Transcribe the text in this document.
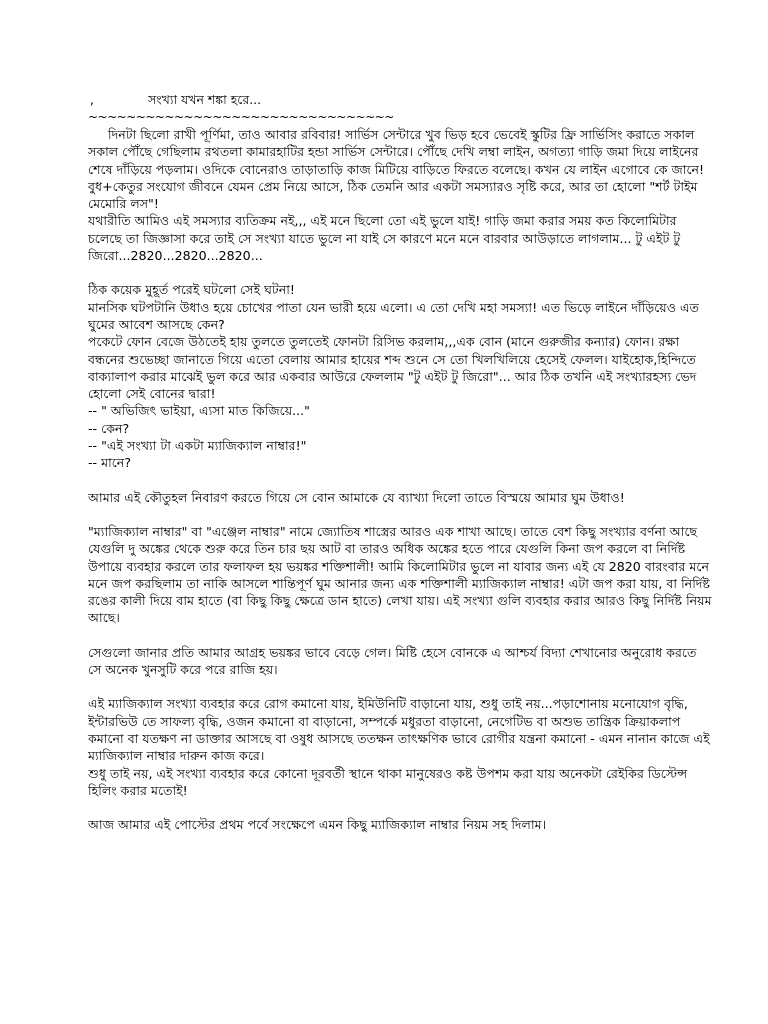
,	সংখ্যা যখন শঙ্কা হরে...
~~~~~~~~~~~~~~~~~~~~~~~~~~~~~~~~

দিনটা ছিলো রাখী পূর্ণিমা, তাও আবার রবিবার! সার্ভিস সেন্টারে খুব ভিড় হবে ভেবেই স্কুটির ফ্রি সার্ভিসিং করাতে সকাল সকাল পৌঁছে গেছিলাম রথতলা কামারহাটির হন্ডা সার্ভিস সেন্টারে। পৌঁছে দেখি লম্বা লাইন, অগত্যা গাড়ি জমা দিয়ে লাইনের শেষে দাঁড়িয়ে পড়লাম। ওদিকে বোনেরাও তাড়াতাড়ি কাজ মিটিয়ে বাড়িতে ফিরতে বলেছে। কখন যে লাইন এগোবে কে জানে!

বুধ+কেতুর সংযোগ জীবনে যেমন প্রেম নিয়ে আসে, ঠিক তেমনি আর একটা সমস্যারও সৃষ্টি করে, আর তা হোলো "শর্ট টাইম মেমোরি লস"!

যথারীতি আমিও এই সমস্যার ব্যতিক্রম নই,,, এই মনে ছিলো তো এই ভুলে যাই! গাড়ি জমা করার সময় কত কিলোমিটার চলেছে তা জিজ্ঞাসা করে তাই সে সংখ্যা যাতে ভুলে না যাই সে কারণে মনে মনে বারবার আউড়াতে লাগলাম... টু এইট টু জিরো...2820...2820...2820...

ঠিক কয়েক মুহূর্ত পরেই ঘটলো সেই ঘটনা!

মানসিক ঘটপটানি উধাও হয়ে চোখের পাতা যেন ভারী হয়ে এলো। এ তো দেখি মহা সমস্যা! এত ভিড়ে লাইনে দাঁড়িয়েও এত ঘুমের আবেশ আসছে কেন?

পকেটে ফোন বেজে উঠতেই হায় তুলতে তুলতেই ফোনটা রিসিভ করলাম,,,এক বোন (মানে গুরুজীর কন্যার) ফোন। রক্ষা বন্ধনের শুভেচ্ছা জানাতে গিয়ে এতো বেলায় আমার হায়ের শব্দ শুনে সে তো খিলখিলিয়ে হেসেই ফেলল। যাইহোক,হিন্দিতে বাক্যালাপ করার মাঝেই ভুল করে আর একবার আউরে ফেললাম "টু এইট টু জিরো"... আর ঠিক তখনি এই সংখ্যারহস্য ভেদ হোলো সেই বোনের দ্বারা!

-- " অভিজিৎ ভাইয়া, এ্যসা মাত কিজিয়ে..."

-- কেন?

-- "এই সংখ্যা টা একটা ম্যাজিক্যাল নাম্বার!"

-- মানে?

আমার এই কৌতুহল নিবারণ করতে গিয়ে সে বোন আমাকে যে ব্যাখ্যা দিলো তাতে বিস্ময়ে আমার ঘুম উধাও!

"ম্যাজিক্যাল নাম্বার" বা "এঞ্জেল নাম্বার" নামে জ্যোতিষ শাস্ত্রের আরও এক শাখা আছে। তাতে বেশ কিছু সংখ্যার বর্ণনা আছে যেগুলি দু অঙ্কের থেকে শুরু করে তিন চার ছয় আট বা তারও অধিক অঙ্কের হতে পারে যেগুলি কিনা জপ করলে বা নির্দিষ্ট উপায়ে ব্যবহার করলে তার ফলাফল হয় ভয়ঙ্কর শক্তিশালী! আমি কিলোমিটার ভুলে না যাবার জন্য এই যে 2820 বারংবার মনে মনে জপ করছিলাম তা নাকি আসলে শান্তিপূর্ণ ঘুম আনার জন্য এক শক্তিশালী ম্যাজিক্যাল নাম্বার! এটা জপ করা যায়, বা নির্দিষ্ট রঙের কালী দিয়ে বাম হাতে (বা কিছু কিছু ক্ষেত্রে ডান হাতে) লেখা যায়। এই সংখ্যা গুলি ব্যবহার করার আরও কিছু নির্দিষ্ট নিয়ম আছে।

সেগুলো জানার প্রতি আমার আগ্রহ ভয়ঙ্কর ভাবে বেড়ে গেল। মিষ্টি হেসে বোনকে এ আশ্চর্য বিদ্যা শেখানোর অনুরোধ করতে সে অনেক খুনসুটি করে পরে রাজি হয়।

এই ম্যাজিক্যাল সংখ্যা ব্যবহার করে রোগ কমানো যায়, ইমিউনিটি বাড়ানো যায়, শুধু তাই নয়...পড়াশোনায় মনোযোগ বৃদ্ধি, ইন্টারভিউ তে সাফল্য বৃদ্ধি, ওজন কমানো বা বাড়ানো, সম্পর্কে মধুরতা বাড়ানো, নেগেটিভ বা অশুভ তান্ত্রিক ক্রিয়াকলাপ কমানো বা যতক্ষণ না ডাক্তার আসছে বা ওষুধ আসছে ততক্ষন তাৎক্ষণিক ভাবে রোগীর যন্ত্রনা কমানো - এমন নানান কাজে এই ম্যাজিক্যাল নাম্বার দারুন কাজ করে।

শুধু তাই নয়, এই সংখ্যা ব্যবহার করে কোনো দূরবর্তী স্থানে থাকা মানুষেরও কষ্ট উপশম করা যায় অনেকটা রেইকির ডিস্টেন্স হিলিং করার মতোই!

আজ আমার এই পোস্টের প্রথম পর্বে সংক্ষেপে এমন কিছু ম্যাজিক্যাল নাম্বার নিয়ম সহ দিলাম।
